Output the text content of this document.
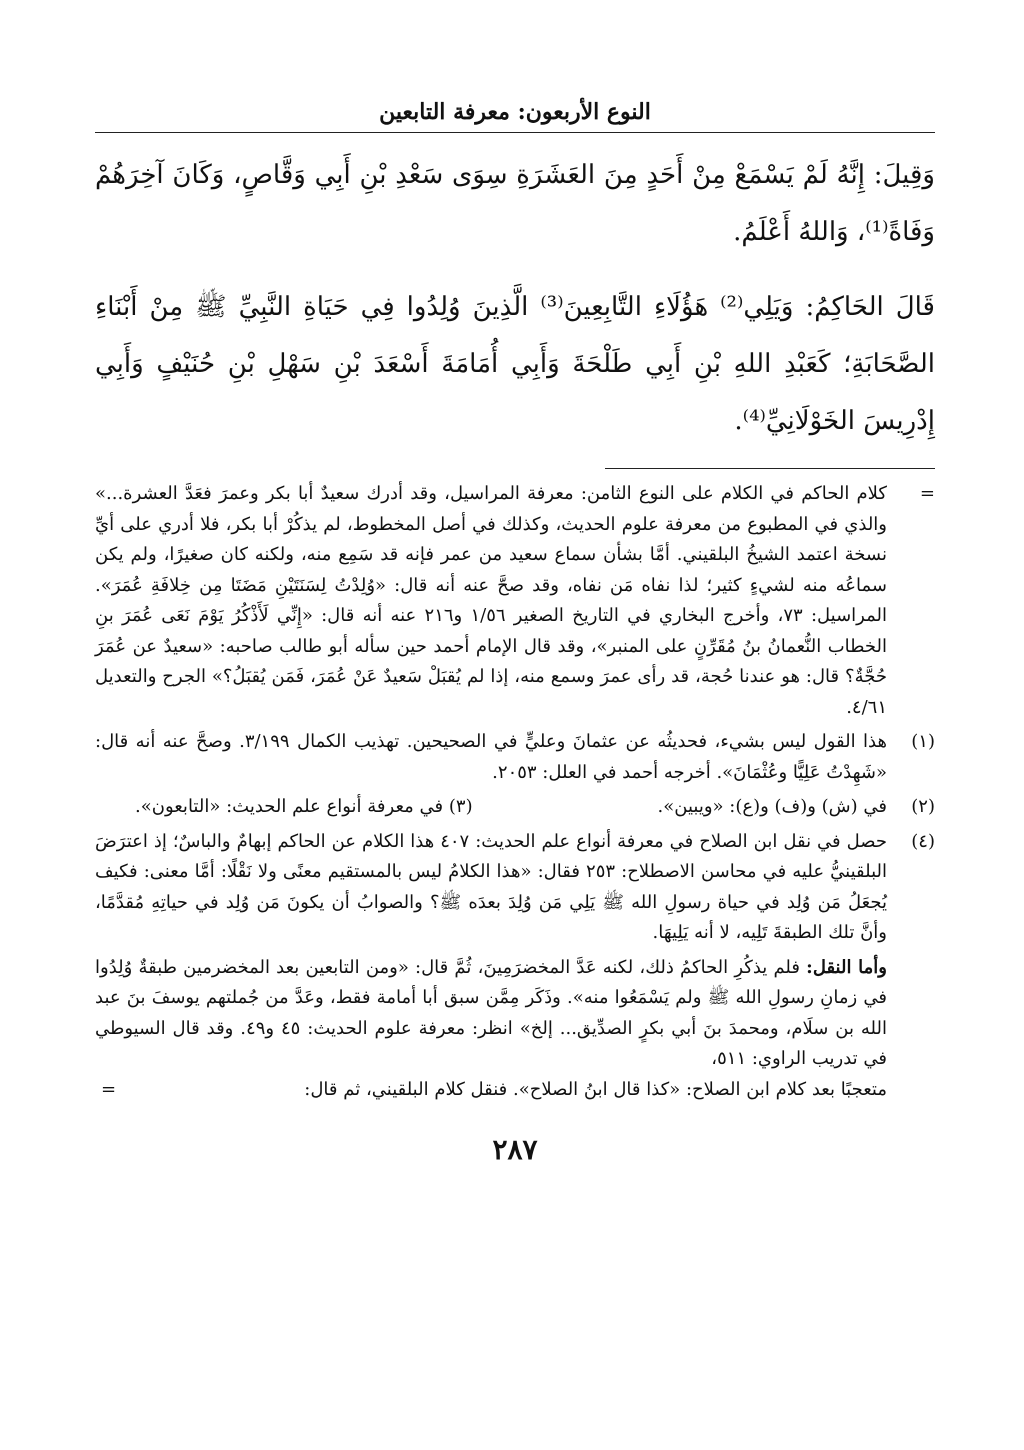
النوع الأربعون: معرفة التابعين

وَقِيلَ: إِنَّهُ لَمْ يَسْمَعْ مِنْ أَحَدٍ مِنَ العَشَرَةِ سِوَى سَعْدِ بْنِ أَبِي وَقَّاصٍ، وَكَانَ آخِرَهُمْ وَفَاةً⁽¹⁾، وَاللهُ أَعْلَمُ.

قَالَ الحَاكِمُ: وَيَلِي⁽²⁾ هَؤُلَاءِ التَّابِعِينَ⁽³⁾ الَّذِينَ وُلِدُوا فِي حَيَاةِ النَّبِيِّ ﷺ مِنْ أَبْنَاءِ الصَّحَابَةِ؛ كَعَبْدِ اللهِ بْنِ أَبِي طَلْحَةَ وَأَبِي أُمَامَةَ أَسْعَدَ بْنِ سَهْلِ بْنِ حُنَيْفٍ وَأَبِي إِدْرِيسَ الخَوْلَانِيِّ⁽⁴⁾.

=
كلام الحاكم في الكلام على النوع الثامن: معرفة المراسيل، وقد أدرك سعيدٌ أبا بكر وعمرَ فعَدَّ العشرة...» والذي في المطبوع من معرفة علوم الحديث، وكذلك في أصل المخطوط، لم يذكُرْ أبا بكر، فلا أدري على أيِّ نسخة اعتمد الشيخُ البلقيني. أمَّا بشأن سماع سعيد من عمر فإنه قد سَمِع منه، ولكنه كان صغيرًا، ولم يكن سماعُه منه لشيءٍ كثير؛ لذا نفاه مَن نفاه، وقد صحَّ عنه أنه قال: «وُلِدْتُ لِسَنَتَيْنِ مَضَتَا مِن خِلافَةِ عُمَرَ». المراسيل: ٧٣، وأخرج البخاري في التاريخ الصغير ١/٥٦ و٢١٦ عنه أنه قال: «إِنِّي لَأَذْكُرُ يَوْمَ نَعَى عُمَرَ بنِ الخطاب النُّعمانُ بنُ مُقَرِّنٍ على المنبر»، وقد قال الإمام أحمد حين سأله أبو طالب صاحبه: «سعيدٌ عن عُمَرَ حُجَّةٌ؟ قال: هو عندنا حُجة، قد رأى عمرَ وسمع منه، إذا لم يُقبَلْ سَعيدٌ عَنْ عُمَرَ، فَمَن يُقبَلُ؟» الجرح والتعديل ٤/٦١.
(١)
هذا القول ليس بشيء، فحديثُه عن عثمانَ وعليٍّ في الصحيحين. تهذيب الكمال ٣/١٩٩. وصحَّ عنه أنه قال: «شَهِدْتُ عَلِيًّا وعُثْمَانَ». أخرجه أحمد في العلل: ٢٠٥٣.
(٢)
في (ش) و(ف) و(ع): «ويبين».
(٣) في معرفة أنواع علم الحديث: «التابعون».
(٤)
حصل في نقل ابن الصلاح في معرفة أنواع علم الحديث: ٤٠٧ هذا الكلام عن الحاكم إبهامٌ والباسٌ؛ إذ اعترَضَ البلقينيُّ عليه في محاسن الاصطلاح: ٢٥٣ فقال: «هذا الكلامُ ليس بالمستقيم معنًى ولا نَقْلًا: أمَّا معنى: فكيف يُجعَلُ مَن وُلِد في حياة رسولِ الله ﷺ يَلِي مَن وُلِدَ بعدَه ﷺ؟ والصوابُ أن يكونَ مَن وُلِد في حياتِهِ مُقدَّمًا، وأنَّ تلك الطبقةَ تَلِيه، لا أنه يَلِيهَا.
وأما النقل: فلم يذكُرِ الحاكمُ ذلك، لكنه عَدَّ المخضرَمِينَ، ثُمَّ قال: «ومن التابعين بعد المخضرمين طبقةٌ وُلِدُوا في زمانِ رسولِ الله ﷺ ولم يَسْمَعُوا منه». وذَكَر مِمَّن سبق أبا أمامة فقط، وعَدَّ من جُملتهم يوسفَ بنَ عبد الله بن سلَام، ومحمدَ بنَ أبي بكرٍ الصدِّيق... إلخ» انظر: معرفة علوم الحديث: ٤٥ و٤٩. وقد قال السيوطي في تدريب الراوي: ٥١١،
متعجبًا بعد كلام ابن الصلاح: «كذا قال ابنُ الصلاح». فنقل كلام البلقيني، ثم قال:
=
٢٨٧
